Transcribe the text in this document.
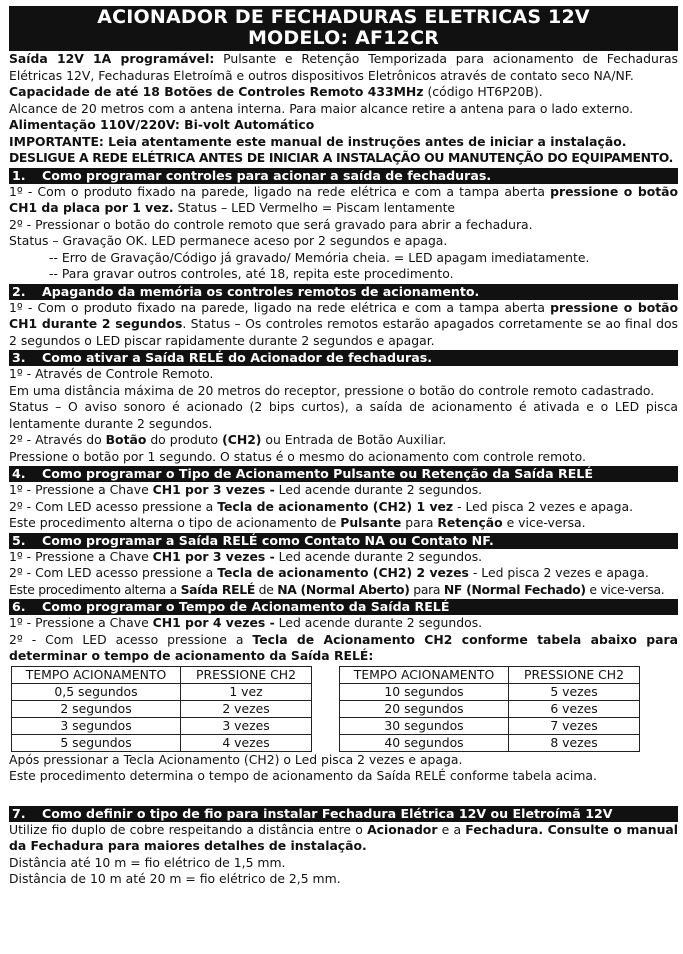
ACIONADOR DE FECHADURAS ELETRICAS 12V
MODELO: AF12CR

Saída 12V 1A programável: Pulsante e Retenção Temporizada para acionamento de Fechaduras Elétricas 12V, Fechaduras Eletroímã e outros dispositivos Eletrônicos através de contato seco NA/NF.

Capacidade de até 18 Botões de Controles Remoto 433MHz (código HT6P20B).

Alcance de 20 metros com a antena interna. Para maior alcance retire a antena para o lado externo.

Alimentação 110V/220V: Bi-volt Automático

IMPORTANTE: Leia atentamente este manual de instruções antes de iniciar a instalação.

DESLIGUE A REDE ELÉTRICA ANTES DE INICIAR A INSTALAÇÃO OU MANUTENÇÃO DO EQUIPAMENTO.

1. Como programar controles para acionar a saída de fechaduras.

1º - Com o produto fixado na parede, ligado na rede elétrica e com a tampa aberta pressione o botão CH1 da placa por 1 vez. Status – LED Vermelho = Piscam lentamente

2º - Pressionar o botão do controle remoto que será gravado para abrir a fechadura.

Status – Gravação OK. LED permanece aceso por 2 segundos e apaga.

-- Erro de Gravação/Código já gravado/ Memória cheia. = LED apagam imediatamente.

-- Para gravar outros controles, até 18, repita este procedimento.

2. Apagando da memória os controles remotos de acionamento.

1º - Com o produto fixado na parede, ligado na rede elétrica e com a tampa aberta pressione o botão CH1 durante 2 segundos. Status – Os controles remotos estarão apagados corretamente se ao final dos 2 segundos o LED piscar rapidamente durante 2 segundos e apagar.

3. Como ativar a Saída RELÉ do Acionador de fechaduras.

1º - Através de Controle Remoto.

Em uma distância máxima de 20 metros do receptor, pressione o botão do controle remoto cadastrado.

Status – O aviso sonoro é acionado (2 bips curtos), a saída de acionamento é ativada e o LED pisca lentamente durante 2 segundos.

2º - Através do Botão do produto (CH2) ou Entrada de Botão Auxiliar.

Pressione o botão por 1 segundo. O status é o mesmo do acionamento com controle remoto.

4. Como programar o Tipo de Acionamento Pulsante ou Retenção da Saída RELÉ

1º - Pressione a Chave CH1 por 3 vezes - Led acende durante 2 segundos.

2º - Com LED acesso pressione a Tecla de acionamento (CH2) 1 vez - Led pisca 2 vezes e apaga.

Este procedimento alterna o tipo de acionamento de Pulsante para Retenção e vice-versa.

5. Como programar a Saída RELÉ como Contato NA ou Contato NF.

1º - Pressione a Chave CH1 por 3 vezes - Led acende durante 2 segundos.

2º - Com LED acesso pressione a Tecla de acionamento (CH2) 2 vezes - Led pisca 2 vezes e apaga.

Este procedimento alterna a Saída RELÉ de NA (Normal Aberto) para NF (Normal Fechado) e vice-versa.

6. Como programar o Tempo de Acionamento da Saída RELÉ

1º - Pressione a Chave CH1 por 4 vezes - Led acende durante 2 segundos.

2º - Com LED acesso pressione a Tecla de Acionamento CH2 conforme tabela abaixo para determinar o tempo de acionamento da Saída RELÉ:

TEMPO ACIONAMENTO	PRESSIONE CH2		TEMPO ACIONAMENTO	PRESSIONE CH2
0,5 segundos	1 vez		10 segundos	5 vezes
2 segundos	2 vezes		20 segundos	6 vezes
3 segundos	3 vezes		30 segundos	7 vezes
5 segundos	4 vezes		40 segundos	8 vezes

Após pressionar a Tecla Acionamento (CH2) o Led pisca 2 vezes e apaga.

Este procedimento determina o tempo de acionamento da Saída RELÉ conforme tabela acima.

7. Como definir o tipo de fio para instalar Fechadura Elétrica 12V ou Eletroímã 12V

Utilize fio duplo de cobre respeitando a distância entre o Acionador e a Fechadura. Consulte o manual da Fechadura para maiores detalhes de instalação.

Distância até 10 m = fio elétrico de 1,5 mm.

Distância de 10 m até 20 m = fio elétrico de 2,5 mm.
